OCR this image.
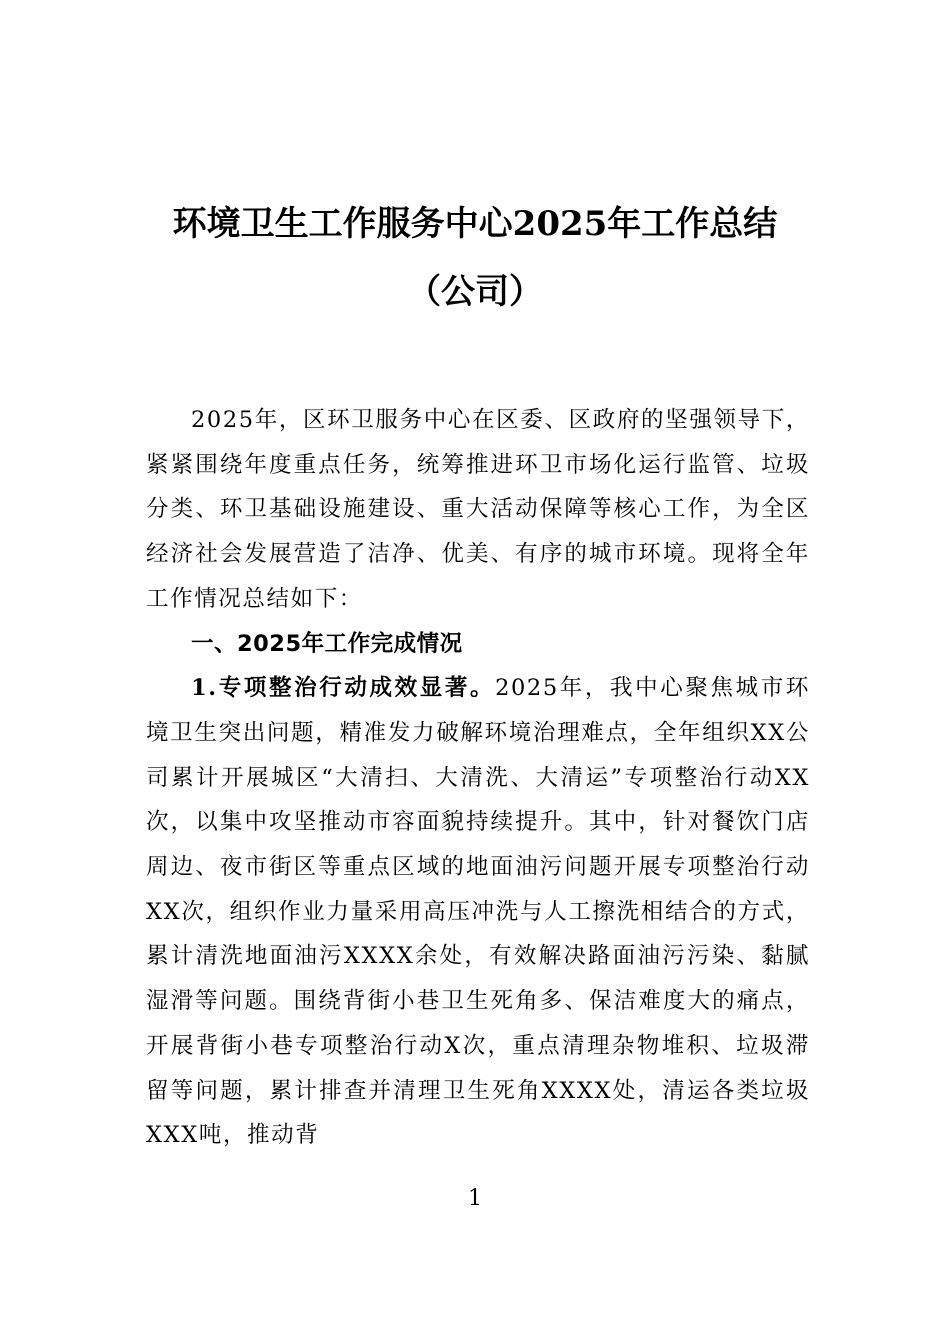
环境卫生工作服务中心2025年工作总结
（公司）

2025年，区环卫服务中心在区委、区政府的坚强领导下，紧紧围绕年度重点任务，统筹推进环卫市场化运行监管、垃圾分类、环卫基础设施建设、重大活动保障等核心工作，为全区经济社会发展营造了洁净、优美、有序的城市环境。现将全年工作情况总结如下：

一、2025年工作完成情况

1.专项整治行动成效显著。2025年，我中心聚焦城市环境卫生突出问题，精准发力破解环境治理难点，全年组织XX公司累计开展城区“大清扫、大清洗、大清运”专项整治行动XX次，以集中攻坚推动市容面貌持续提升。其中，针对餐饮门店周边、夜市街区等重点区域的地面油污问题开展专项整治行动XX次，组织作业力量采用高压冲洗与人工擦洗相结合的方式，累计清洗地面油污XXXX余处，有效解决路面油污污染、黏腻湿滑等问题。围绕背街小巷卫生死角多、保洁难度大的痛点，开展背街小巷专项整治行动X次，重点清理杂物堆积、垃圾滞留等问题，累计排查并清理卫生死角XXXX处，清运各类垃圾XXX吨，推动背

1
